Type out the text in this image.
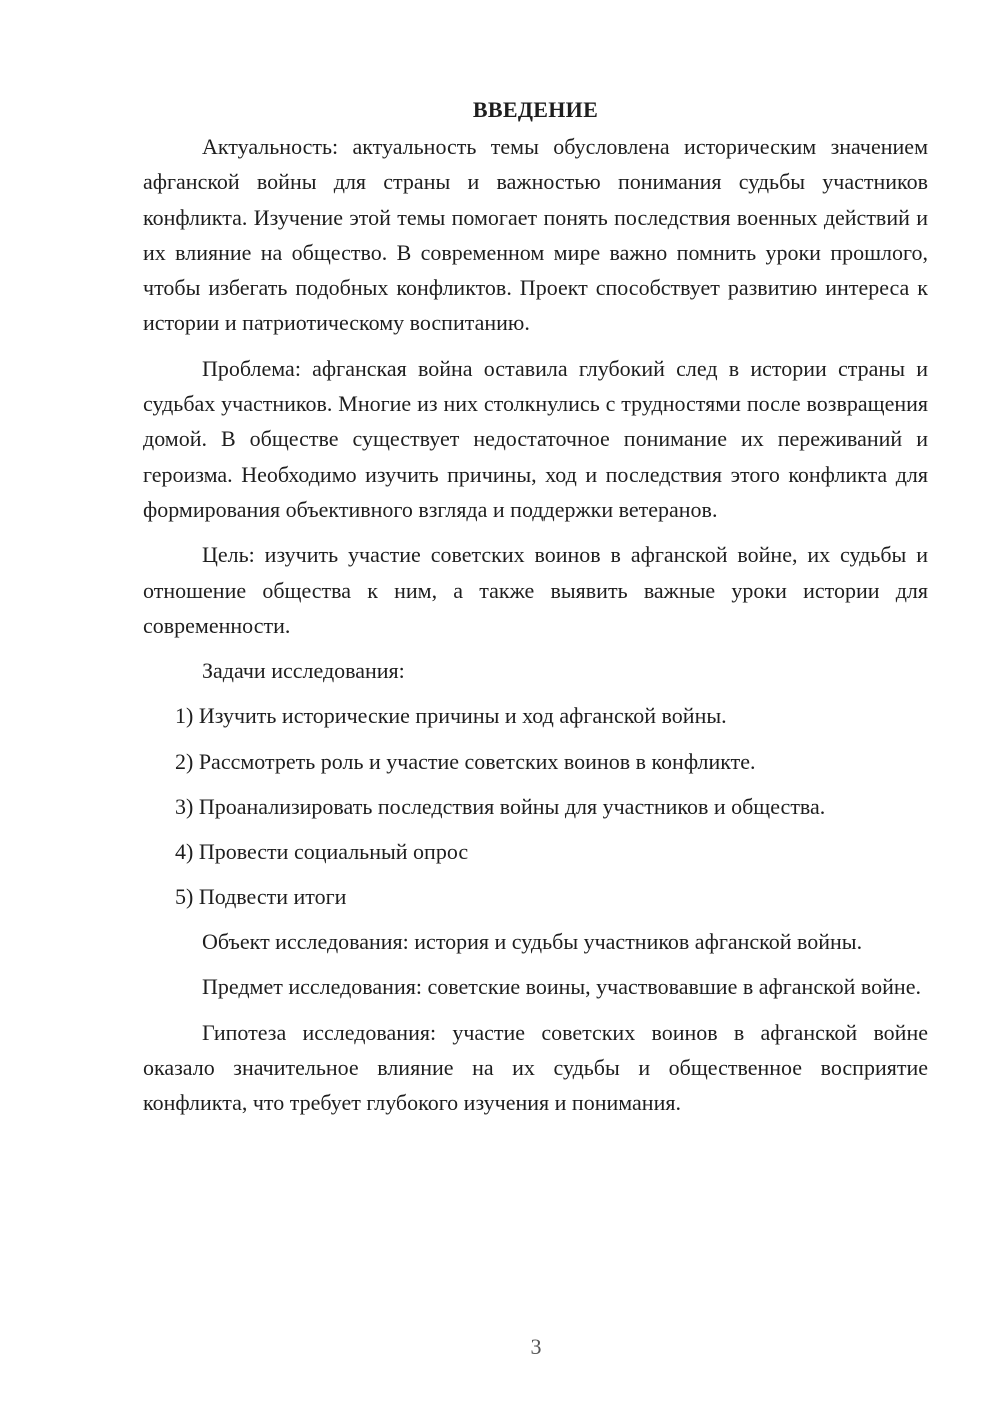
ВВЕДЕНИЕ

Актуальность: актуальность темы обусловлена историческим значением афганской войны для страны и важностью понимания судьбы участников конфликта. Изучение этой темы помогает понять последствия военных действий и их влияние на общество. В современном мире важно помнить уроки прошлого, чтобы избегать подобных конфликтов. Проект способствует развитию интереса к истории и патриотическому воспитанию.

Проблема: афганская война оставила глубокий след в истории страны и судьбах участников. Многие из них столкнулись с трудностями после возвращения домой. В обществе существует недостаточное понимание их переживаний и героизма. Необходимо изучить причины, ход и последствия этого конфликта для формирования объективного взгляда и поддержки ветеранов.

Цель: изучить участие советских воинов в афганской войне, их судьбы и отношение общества к ним, а также выявить важные уроки истории для современности.

Задачи исследования:

1) Изучить исторические причины и ход афганской войны.
2) Рассмотреть роль и участие советских воинов в конфликте.
3) Проанализировать последствия войны для участников и общества.
4) Провести социальный опрос
5) Подвести итоги

Объект исследования: история и судьбы участников афганской войны.

Предмет исследования: советские воины, участвовавшие в афганской войне.

Гипотеза исследования: участие советских воинов в афганской войне оказало значительное влияние на их судьбы и общественное восприятие конфликта, что требует глубокого изучения и понимания.

3
